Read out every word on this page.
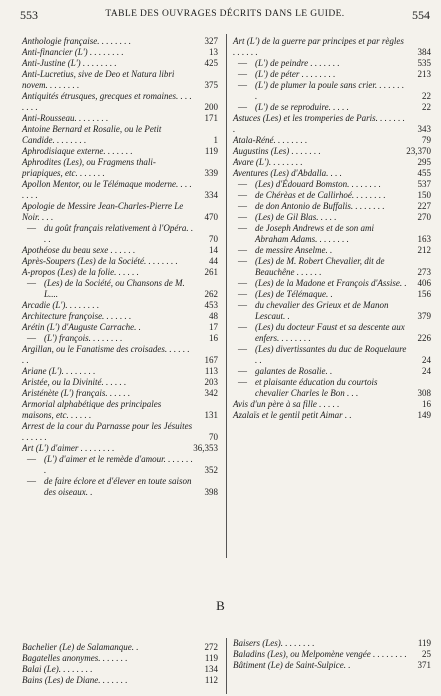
553	TABLE DES OUVRAGES DÉCRITS DANS LE GUIDE.	554
Anthologie française. . . . . . . .	327
Anti-financier (L') . . . . . . . .	13
Anti-Justine (L') . . . . . . . .	425
Anti-Lucretius, sive de Deo et Natura libri novem. . . . . . . .	375
Antiquités étrusques, grecques et romaines. . . . . . . .	200
Anti-Rousseau. . . . . . . .	171
Antoine Bernard et Rosalie, ou le Petit Candide. . . . . . . .	1
Aphrodisiaque externe. . . . . . .	119
Aphrodites (Les), ou Fragmens thali-priapiques, etc. . . . . . .	339
Apollon Mentor, ou le Télémaque moderne. . . . . . . .	334
Apologie de Messire Jean-Charles-Pierre Le Noir. . . .	470
— du goût français relativement à l'Opéra. . . .	70
Apothéose du beau sexe . . . . . .	14
Après-Soupers (Les) de la Société. . . . . . . .	44
A-propos (Les) de la folie. . . . . .	261
— (Les) de la Société, ou Chansons de M. L....	262
Arcadie (L'). . . . . . . .	453
Architecture françoise. . . . . . .	48
Arétin (L') d'Auguste Carrache. .	17
— (L') françois. . . . . . . .	16
Argillan, ou le Fanatisme des croisades. . . . . . . .	167
Ariane (L'). . . . . . . .	113
Aristée, ou la Divinité. . . . . .	203
Aristénète (L') français. . . . . .	342
Armorial alphabétique des principales maisons, etc. . . . . .	131
Arrest de la cour du Parnasse pour les Jésuites . . . . . .	70
Art (L') d'aimer . . . . . . . .	36,353
— (L') d'aimer et le remède d'amour. . . . . . . .	352
— de faire éclore et d'élever en toute saison des oiseaux. .	398
Art (L') de la guerre par principes et par règles . . . . . .	384
— (L') de peindre . . . . . . .	535
— (L') de péter . . . . . . . .	213
— (L') de plumer la poule sans crier. . . . . . . .	22
— (L') de se reproduire. . . . .	22
Astuces (Les) et les tromperies de Paris. . . . . . . .	343
Atala-Réné. . . . . . . .	79
Augustins (Les) . . . . . . .	23,370
Avare (L'). . . . . . . .	295
Aventures (Les) d'Abdalla. . . .	455
— (Les) d'Édouard Bomston. . . . . . . .	537
— de Chérèas et de Callirhoé. . . . . . . .	150
— de don Antonio de Buffalis. . . . . . . .	227
— (Les) de Gil Blas. . . . .	270
— de Joseph Andrews et de son ami Abraham Adams. . . . . . . .	163
— de messire Anselme. .	212
— (Les) de M. Robert Chevalier, dit de Beauchêne . . . . . .	273
— (Les) de la Madone et François d'Assise. . 406
— (Les) de Télémaque. .	156
— du chevalier des Grieux et de Manon Lescaut. .	379
— (Les) du docteur Faust et sa descente aux enfers. . . . . . . .	226
— (Les) divertissantes du duc de Roquelaure . .	24
— galantes de Rosalie. .	24
— et plaisante éducation du courtois chevalier Charles le Bon . . .	308
Avis d'un père à sa fille . . . . .	16
Azalaïs et le gentil petit Aimar . .	149
B
Bachelier (Le) de Salamanque. .	272
Bagatelles anonymes. . . . . . .	119
Balai (Le). . . . . . . .	134
Bains (Les) de Diane. . . . . . .	112
Baisers (Les). . . . . . . .	119
Baladins (Les), ou Melpomène vengée . . . . . . . . 25
Bâtiment (Le) de Saint-Sulpice. .	371
